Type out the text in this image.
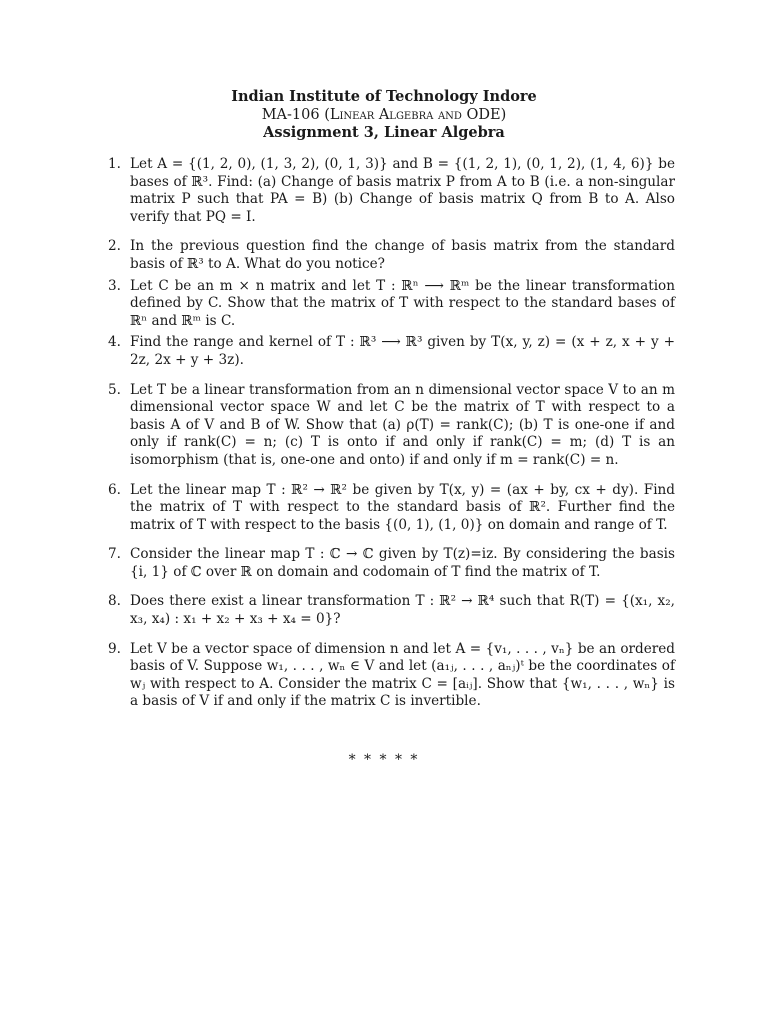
Indian Institute of Technology Indore
MA-106 (Linear Algebra and ODE)
Assignment 3, Linear Algebra
1. Let A = {(1, 2, 0), (1, 3, 2), (0, 1, 3)} and B = {(1, 2, 1), (0, 1, 2), (1, 4, 6)} be bases of ℝ³. Find: (a) Change of basis matrix P from A to B (i.e. a non-singular matrix P such that PA = B) (b) Change of basis matrix Q from B to A. Also verify that PQ = I.
2. In the previous question find the change of basis matrix from the standard basis of ℝ³ to A. What do you notice?
3. Let C be an m × n matrix and let T : ℝⁿ ⟶ ℝᵐ be the linear transformation defined by C. Show that the matrix of T with respect to the standard bases of ℝⁿ and ℝᵐ is C.
4. Find the range and kernel of T : ℝ³ ⟶ ℝ³ given by T(x, y, z) = (x + z, x + y + 2z, 2x + y + 3z).
5. Let T be a linear transformation from an n dimensional vector space V to an m dimensional vector space W and let C be the matrix of T with respect to a basis A of V and B of W. Show that (a) ρ(T) = rank(C); (b) T is one-one if and only if rank(C) = n; (c) T is onto if and only if rank(C) = m; (d) T is an isomorphism (that is, one-one and onto) if and only if m = rank(C) = n.
6. Let the linear map T : ℝ² → ℝ² be given by T(x, y) = (ax + by, cx + dy). Find the matrix of T with respect to the standard basis of ℝ². Further find the matrix of T with respect to the basis {(0, 1), (1, 0)} on domain and range of T.
7. Consider the linear map T : ℂ → ℂ given by T(z)=iz. By considering the basis {i, 1} of ℂ over ℝ on domain and codomain of T find the matrix of T.
8. Does there exist a linear transformation T : ℝ² → ℝ⁴ such that R(T) = {(x₁, x₂, x₃, x₄) : x₁ + x₂ + x₃ + x₄ = 0}?
9. Let V be a vector space of dimension n and let A = {v₁, . . . , vₙ} be an ordered basis of V. Suppose w₁, . . . , wₙ ∈ V and let (a₁ⱼ, . . . , aₙⱼ)ᵗ be the coordinates of wⱼ with respect to A. Consider the matrix C = [aᵢⱼ]. Show that {w₁, . . . , wₙ} is a basis of V if and only if the matrix C is invertible.
* * * * *
